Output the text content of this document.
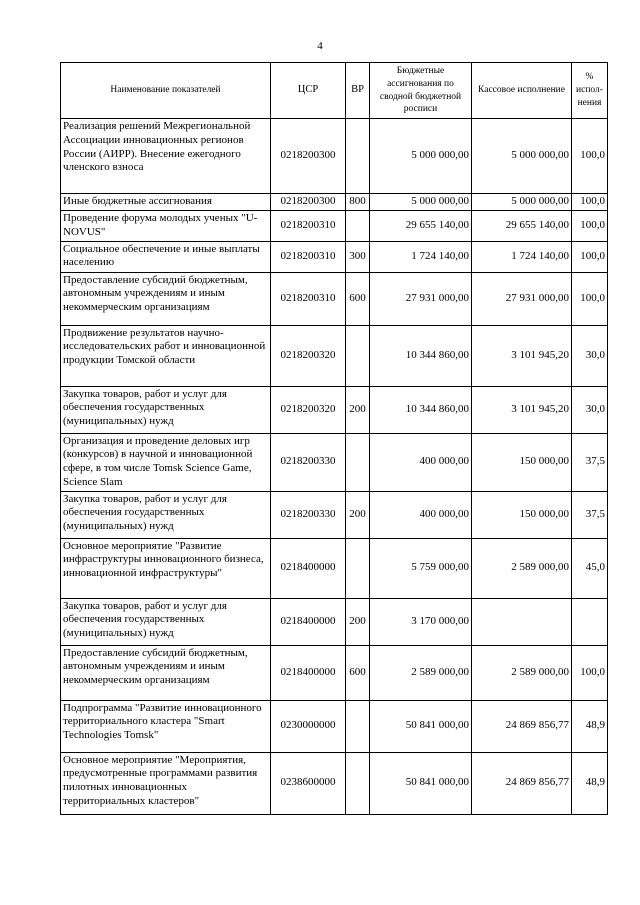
4
Наименование показателей	ЦСР	ВР	Бюджетные ассигнования по сводной бюджетной росписи	Кассовое исполнение	% испол-нения
Реализация решений Межрегиональной Ассоциации инновационных регионов России (АИРР). Внесение ежегодного членского взноса	0218200300		5 000 000,00	5 000 000,00	100,0
Иные бюджетные ассигнования	0218200300	800	5 000 000,00	5 000 000,00	100,0
Проведение форума молодых ученых "U-NOVUS"	0218200310		29 655 140,00	29 655 140,00	100,0
Социальное обеспечение и иные выплаты населению	0218200310	300	1 724 140,00	1 724 140,00	100,0
Предоставление субсидий бюджетным, автономным учреждениям и иным некоммерческим организациям	0218200310	600	27 931 000,00	27 931 000,00	100,0
Продвижение результатов научно-исследовательских работ и инновационной продукции Томской области	0218200320		10 344 860,00	3 101 945,20	30,0
Закупка товаров, работ и услуг для обеспечения государственных (муниципальных) нужд	0218200320	200	10 344 860,00	3 101 945,20	30,0
Организация и проведение деловых игр (конкурсов) в научной и инновационной сфере, в том числе Tomsk Science Game, Science Slam	0218200330		400 000,00	150 000,00	37,5
Закупка товаров, работ и услуг для обеспечения государственных (муниципальных) нужд	0218200330	200	400 000,00	150 000,00	37,5
Основное мероприятие "Развитие инфраструктуры инновационного бизнеса, инновационной инфраструктуры"	0218400000		5 759 000,00	2 589 000,00	45,0
Закупка товаров, работ и услуг для обеспечения государственных (муниципальных) нужд	0218400000	200	3 170 000,00		
Предоставление субсидий бюджетным, автономным учреждениям и иным некоммерческим организациям	0218400000	600	2 589 000,00	2 589 000,00	100,0
Подпрограмма "Развитие инновационного территориального кластера "Smart Technologies Tomsk"	0230000000		50 841 000,00	24 869 856,77	48,9
Основное мероприятие "Мероприятия, предусмотренные программами развития пилотных инновационных территориальных кластеров"	0238600000		50 841 000,00	24 869 856,77	48,9
